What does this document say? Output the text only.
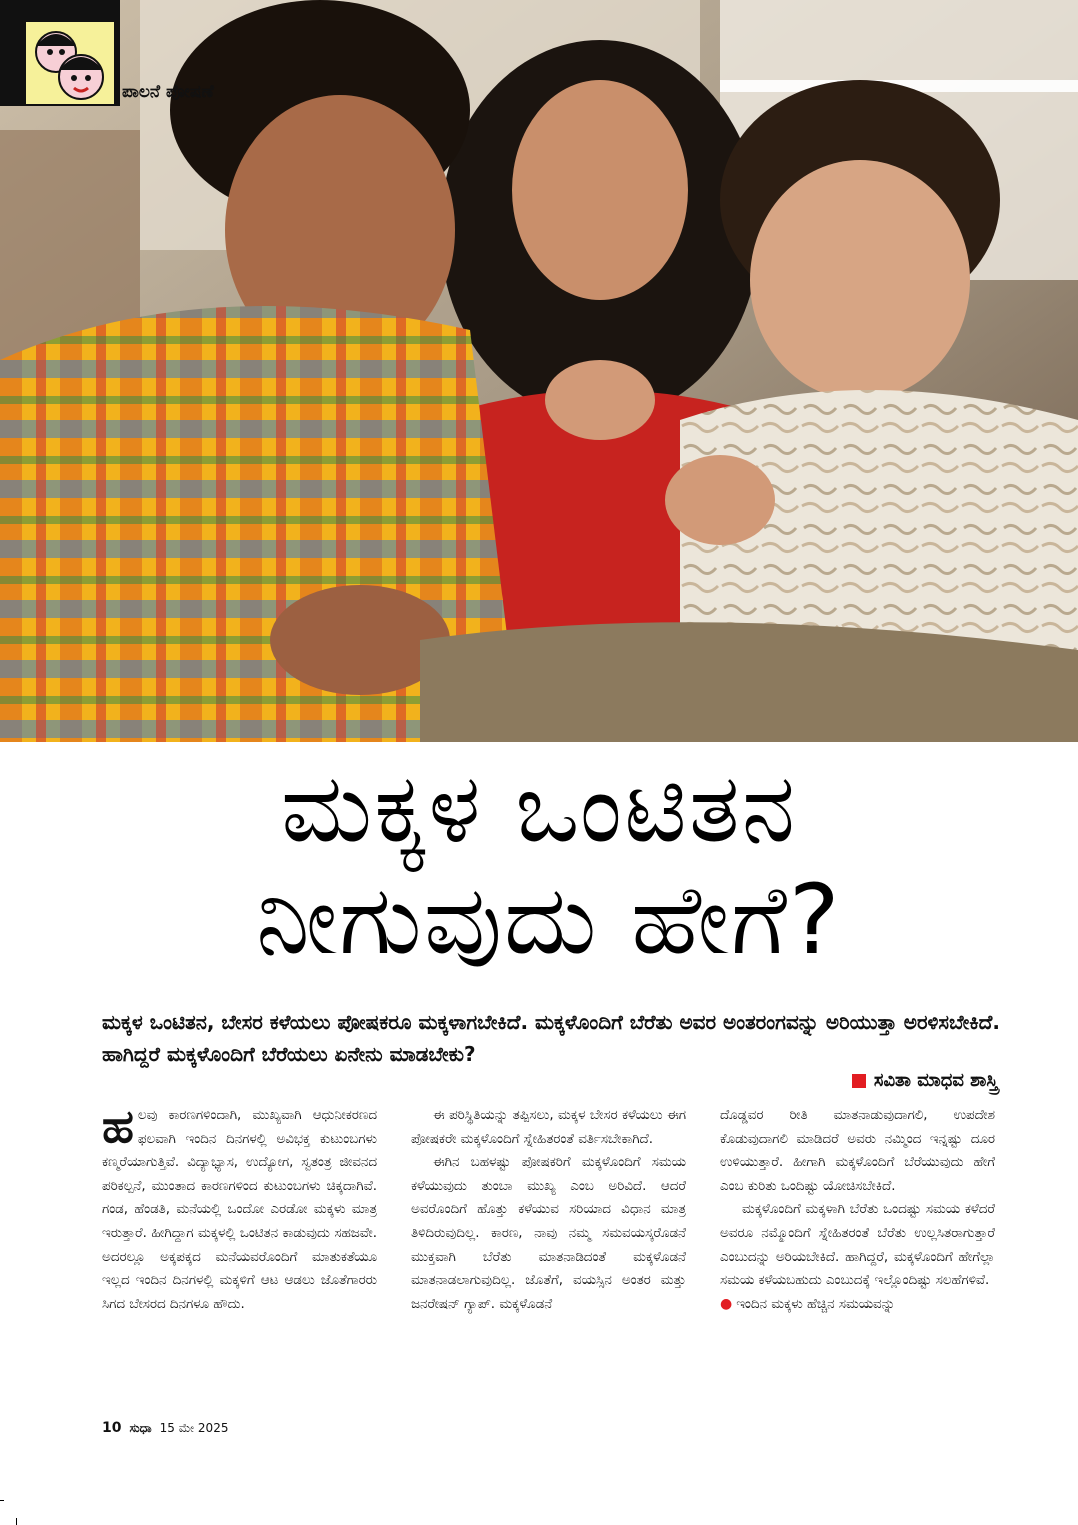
ಪಾಲನೆ ಪೋಷಣೆ
ಮಕ್ಕಳ ಒಂಟಿತನ
ನೀಗುವುದು ಹೇಗೆ?
ಮಕ್ಕಳ ಒಂಟಿತನ, ಬೇಸರ ಕಳೆಯಲು ಪೋಷಕರೂ ಮಕ್ಕಳಾಗಬೇಕಿದೆ. ಮಕ್ಕಳೊಂದಿಗೆ ಬೆರೆತು ಅವರ ಅಂತರಂಗವನ್ನು ಅರಿಯುತ್ತಾ ಅರಳಿಸಬೇಕಿದೆ. ಹಾಗಿದ್ದರೆ ಮಕ್ಕಳೊಂದಿಗೆ ಬೆರೆಯಲು ಏನೇನು ಮಾಡಬೇಕು?
ಸವಿತಾ ಮಾಧವ ಶಾಸ್ತ್ರಿ

ಹಲವು ಕಾರಣಗಳಿಂದಾಗಿ, ಮುಖ್ಯವಾಗಿ ಆಧುನೀಕರಣದ ಫಲವಾಗಿ ಇಂದಿನ ದಿನಗಳಲ್ಲಿ ಅವಿಭಕ್ತ ಕುಟುಂಬಗಳು ಕಣ್ಮರೆಯಾಗುತ್ತಿವೆ. ವಿದ್ಯಾಭ್ಯಾಸ, ಉದ್ಯೋಗ, ಸ್ವತಂತ್ರ ಜೀವನದ ಪರಿಕಲ್ಪನೆ, ಮುಂತಾದ ಕಾರಣಗಳಿಂದ ಕುಟುಂಬಗಳು ಚಿಕ್ಕದಾಗಿವೆ. ಗಂಡ, ಹೆಂಡತಿ, ಮನೆಯಲ್ಲಿ ಒಂದೋ ಎರಡೋ ಮಕ್ಕಳು ಮಾತ್ರ ಇರುತ್ತಾರೆ. ಹೀಗಿದ್ದಾಗ ಮಕ್ಕಳಲ್ಲಿ ಒಂಟಿತನ ಕಾಡುವುದು ಸಹಜವೇ. ಅದರಲ್ಲೂ ಅಕ್ಕಪಕ್ಕದ ಮನೆಯವರೊಂದಿಗೆ ಮಾತುಕತೆಯೂ ಇಲ್ಲದ ಇಂದಿನ ದಿನಗಳಲ್ಲಿ ಮಕ್ಕಳಿಗೆ ಆಟ ಆಡಲು ಜೊತೆಗಾರರು ಸಿಗದ ಬೇಸರದ ದಿನಗಳೂ ಹೌದು.

ಈ ಪರಿಸ್ಥಿತಿಯನ್ನು ತಪ್ಪಿಸಲು, ಮಕ್ಕಳ ಬೇಸರ ಕಳೆಯಲು ಈಗ ಪೋಷಕರೇ ಮಕ್ಕಳೊಂದಿಗೆ ಸ್ನೇಹಿತರಂತೆ ವರ್ತಿಸಬೇಕಾಗಿದೆ.

ಈಗಿನ ಬಹಳಷ್ಟು ಪೋಷಕರಿಗೆ ಮಕ್ಕಳೊಂದಿಗೆ ಸಮಯ ಕಳೆಯುವುದು ತುಂಬಾ ಮುಖ್ಯ ಎಂಬ ಅರಿವಿದೆ. ಆದರೆ ಅವರೊಂದಿಗೆ ಹೊತ್ತು ಕಳೆಯುವ ಸರಿಯಾದ ವಿಧಾನ ಮಾತ್ರ ತಿಳಿದಿರುವುದಿಲ್ಲ. ಕಾರಣ, ನಾವು ನಮ್ಮ ಸಮವಯಸ್ಕರೊಡನೆ ಮುಕ್ತವಾಗಿ ಬೆರೆತು ಮಾತನಾಡಿದಂತೆ ಮಕ್ಕಳೊಡನೆ ಮಾತನಾಡಲಾಗುವುದಿಲ್ಲ. ಜೊತೆಗೆ, ವಯಸ್ಸಿನ ಅಂತರ ಮತ್ತು ಜನರೇಷನ್ ಗ್ಯಾಪ್. ಮಕ್ಕಳೊಡನೆ

ದೊಡ್ಡವರ ರೀತಿ ಮಾತನಾಡುವುದಾಗಲಿ, ಉಪದೇಶ ಕೊಡುವುದಾಗಲಿ ಮಾಡಿದರೆ ಅವರು ನಮ್ಮಿಂದ ಇನ್ನಷ್ಟು ದೂರ ಉಳಿಯುತ್ತಾರೆ. ಹೀಗಾಗಿ ಮಕ್ಕಳೊಂದಿಗೆ ಬೆರೆಯುವುದು ಹೇಗೆ ಎಂಬ ಕುರಿತು ಒಂದಿಷ್ಟು ಯೋಚಿಸಬೇಕಿದೆ.

ಮಕ್ಕಳೊಂದಿಗೆ ಮಕ್ಕಳಾಗಿ ಬೆರೆತು ಒಂದಷ್ಟು ಸಮಯ ಕಳೆದರೆ ಅವರೂ ನಮ್ಮೊಂದಿಗೆ ಸ್ನೇಹಿತರಂತೆ ಬೆರೆತು ಉಲ್ಲಸಿತರಾಗುತ್ತಾರೆ ಎಂಬುದನ್ನು ಅರಿಯಬೇಕಿದೆ. ಹಾಗಿದ್ದರೆ, ಮಕ್ಕಳೊಂದಿಗೆ ಹೇಗೆಲ್ಲಾ ಸಮಯ ಕಳೆಯಬಹುದು ಎಂಬುದಕ್ಕೆ ಇಲ್ಲೊಂದಿಷ್ಟು ಸಲಹೆಗಳಿವೆ.

● ಇಂದಿನ ಮಕ್ಕಳು ಹೆಚ್ಚಿನ ಸಮಯವನ್ನು

10 ಸುಧಾ 15 ಮೇ 2025
